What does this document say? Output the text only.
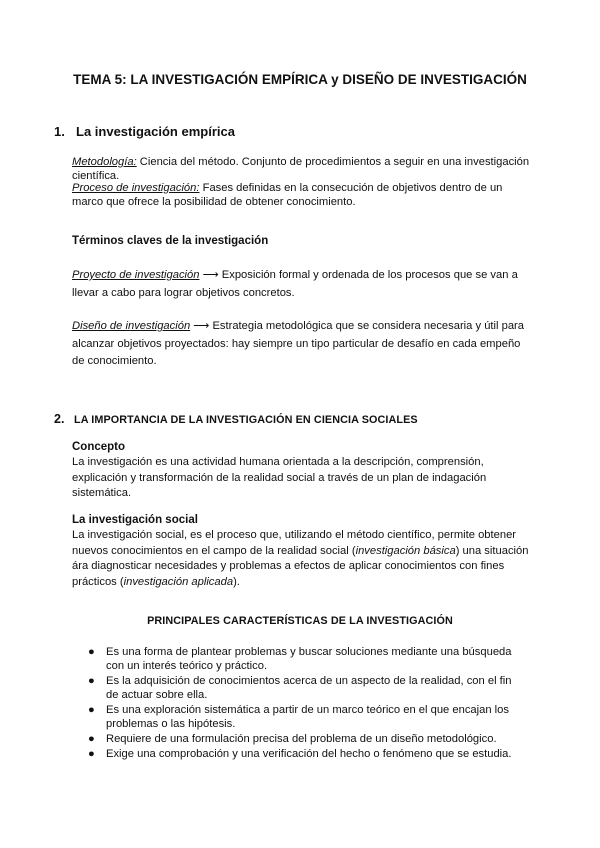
TEMA 5: LA INVESTIGACIÓN EMPÍRICA y DISEÑO DE INVESTIGACIÓN
1. La investigación empírica
Metodología: Ciencia del método. Conjunto de procedimientos a seguir en una investigación científica.
Proceso de investigación: Fases definidas en la consecución de objetivos dentro de un marco que ofrece la posibilidad de obtener conocimiento.
Términos claves de la investigación
Proyecto de investigación ⟶ Exposición formal y ordenada de los procesos que se van a llevar a cabo para lograr objetivos concretos.
Diseño de investigación ⟶ Estrategia metodológica que se considera necesaria y útil para alcanzar objetivos proyectados: hay siempre un tipo particular de desafío en cada empeño de conocimiento.
2. LA IMPORTANCIA DE LA INVESTIGACIÓN EN CIENCIA SOCIALES
Concepto
La investigación es una actividad humana orientada a la descripción, comprensión, explicación y transformación de la realidad social a través de un plan de indagación sistemática.
La investigación social
La investigación social, es el proceso que, utilizando el método científico, permite obtener nuevos conocimientos en el campo de la realidad social (investigación básica) una situación ára diagnosticar necesidades y problemas a efectos de aplicar conocimientos con fines prácticos (investigación aplicada).
PRINCIPALES CARACTERÍSTICAS DE LA INVESTIGACIÓN
● Es una forma de plantear problemas y buscar soluciones mediante una búsqueda con un interés teórico y práctico.
● Es la adquisición de conocimientos acerca de un aspecto de la realidad, con el fin de actuar sobre ella.
● Es una exploración sistemática a partir de un marco teórico en el que encajan los problemas o las hipótesis.
● Requiere de una formulación precisa del problema de un diseño metodológico.
● Exige una comprobación y una verificación del hecho o fenómeno que se estudia.
